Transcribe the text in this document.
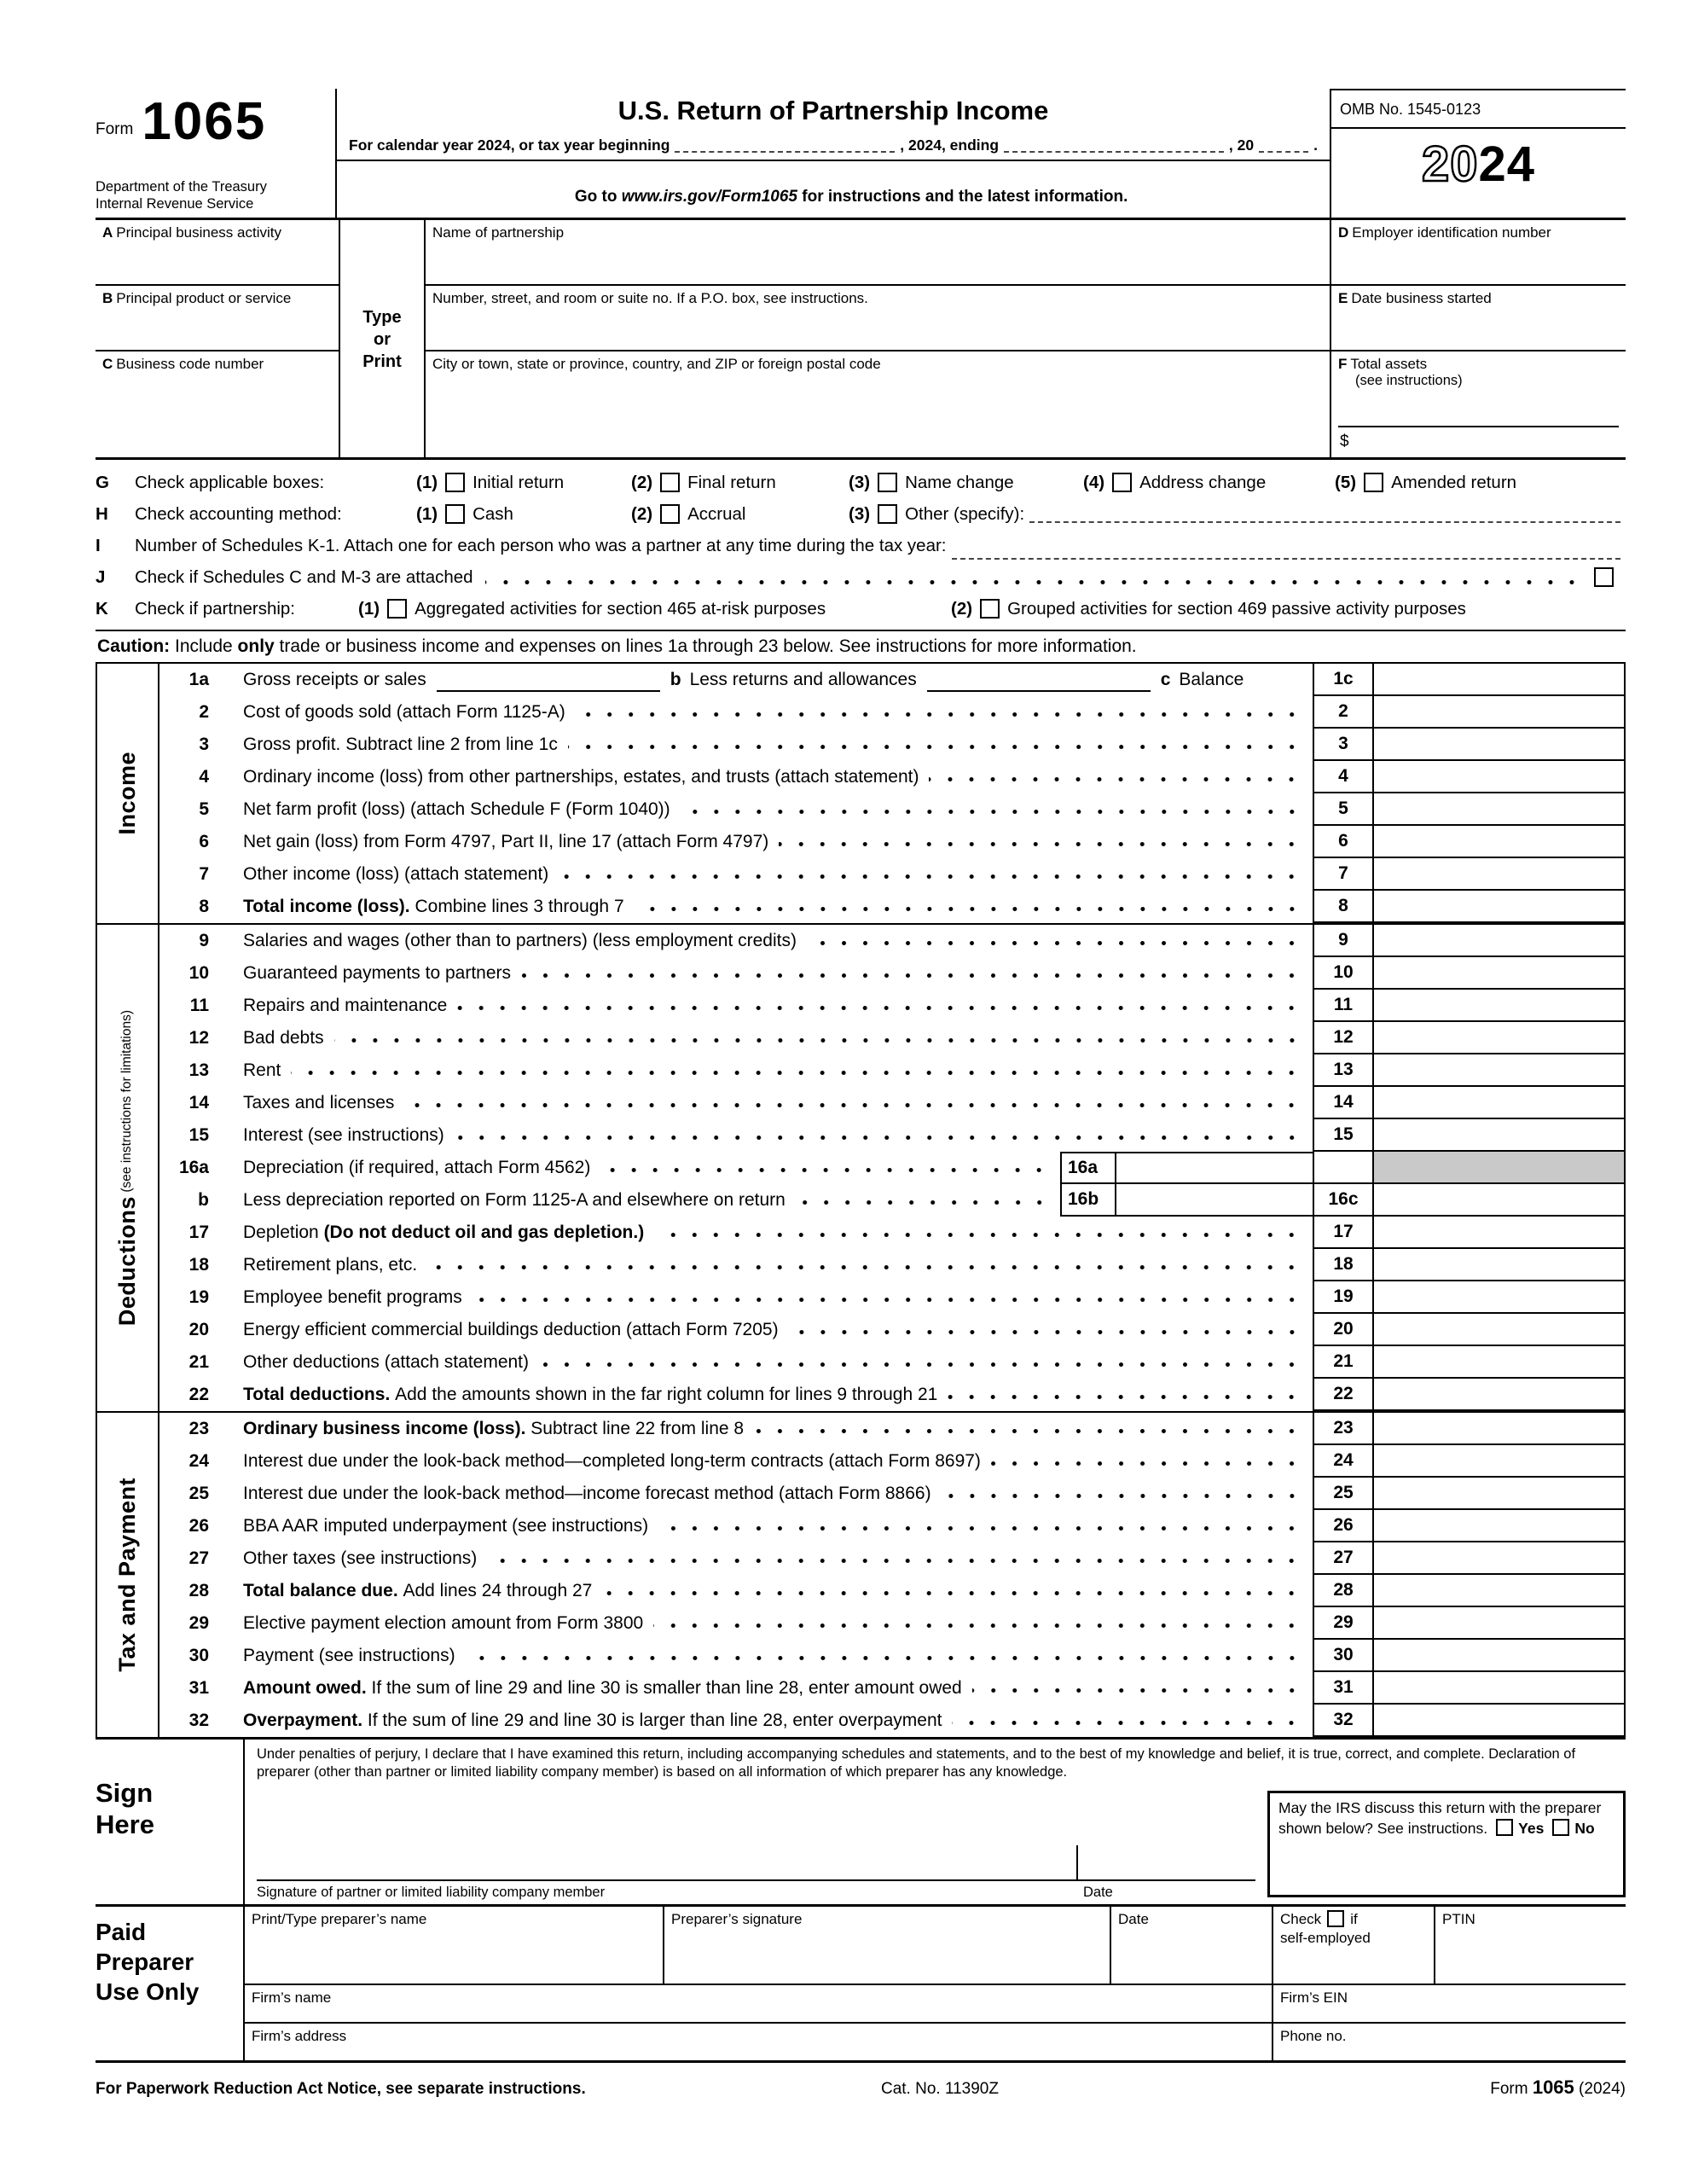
Form 1065
Department of the Treasury
Internal Revenue Service
U.S. Return of Partnership Income
For calendar year 2024, or tax year beginning	, 2024, ending	, 20	.

Go to www.irs.gov/Form1065 for instructions and the latest information.

OMB No. 1545-0123
2024
A Principal business activity
B Principal product or service
C Business code number
Type
or
Print
Name of partnership
Number, street, and room or suite no. If a P.O. box, see instructions.
City or town, state or province, country, and ZIP or foreign postal code
D Employer identification number
E Date business started
F Total assets
(see instructions)
$
G	Check applicable boxes:	(1) Initial return	(2) Final return	(3) Name change	(4) Address change	(5) Amended return
H	Check accounting method:	(1) Cash	(2) Accrual	(3) Other (specify):
I	Number of Schedules K-1. Attach one for each person who was a partner at any time during the tax year:
J	Check if Schedules C and M-3 are attached
K	Check if partnership:	(1) Aggregated activities for section 465 at-risk purposes	(2) Grouped activities for section 469 passive activity purposes
Caution: Include only trade or business income and expenses on lines 1a through 23 below. See instructions for more information.
Income
1a	Gross receipts or sales	b Less returns and allowances	c Balance	1c
2	Cost of goods sold (attach Form 1125-A)	2
3	Gross profit. Subtract line 2 from line 1c	3
4	Ordinary income (loss) from other partnerships, estates, and trusts (attach statement)	4
5	Net farm profit (loss) (attach Schedule F (Form 1040))	5
6	Net gain (loss) from Form 4797, Part II, line 17 (attach Form 4797)	6
7	Other income (loss) (attach statement)	7
8	Total income (loss). Combine lines 3 through 7	8
Deductions (see instructions for limitations)
9	Salaries and wages (other than to partners) (less employment credits)	9
10	Guaranteed payments to partners	10
11	Repairs and maintenance	11
12	Bad debts	12
13	Rent	13
14	Taxes and licenses	14
15	Interest (see instructions)	15
16a	Depreciation (if required, attach Form 4562)	16a
b	Less depreciation reported on Form 1125-A and elsewhere on return	16b	16c
17	Depletion (Do not deduct oil and gas depletion.)	17
18	Retirement plans, etc.	18
19	Employee benefit programs	19
20	Energy efficient commercial buildings deduction (attach Form 7205)	20
21	Other deductions (attach statement)	21
22	Total deductions. Add the amounts shown in the far right column for lines 9 through 21	22
Tax and Payment
23	Ordinary business income (loss). Subtract line 22 from line 8	23
24	Interest due under the look-back method—completed long-term contracts (attach Form 8697)	24
25	Interest due under the look-back method—income forecast method (attach Form 8866)	25
26	BBA AAR imputed underpayment (see instructions)	26
27	Other taxes (see instructions)	27
28	Total balance due. Add lines 24 through 27	28
29	Elective payment election amount from Form 3800	29
30	Payment (see instructions)	30
31	Amount owed. If the sum of line 29 and line 30 is smaller than line 28, enter amount owed	31
32	Overpayment. If the sum of line 29 and line 30 is larger than line 28, enter overpayment	32
Sign
Here
Under penalties of perjury, I declare that I have examined this return, including accompanying schedules and statements, and to the best of my knowledge and belief, it is true, correct, and complete. Declaration of preparer (other than partner or limited liability company member) is based on all information of which preparer has any knowledge.
Signature of partner or limited liability company member	Date
May the IRS discuss this return with the preparer shown below? See instructions. Yes No
Paid
Preparer
Use Only
Print/Type preparer’s name	Preparer’s signature	Date	Check if
self-employed
PTIN
Firm’s name	Firm’s EIN
Firm’s address	Phone no.
For Paperwork Reduction Act Notice, see separate instructions.	Cat. No. 11390Z	Form 1065 (2024)
